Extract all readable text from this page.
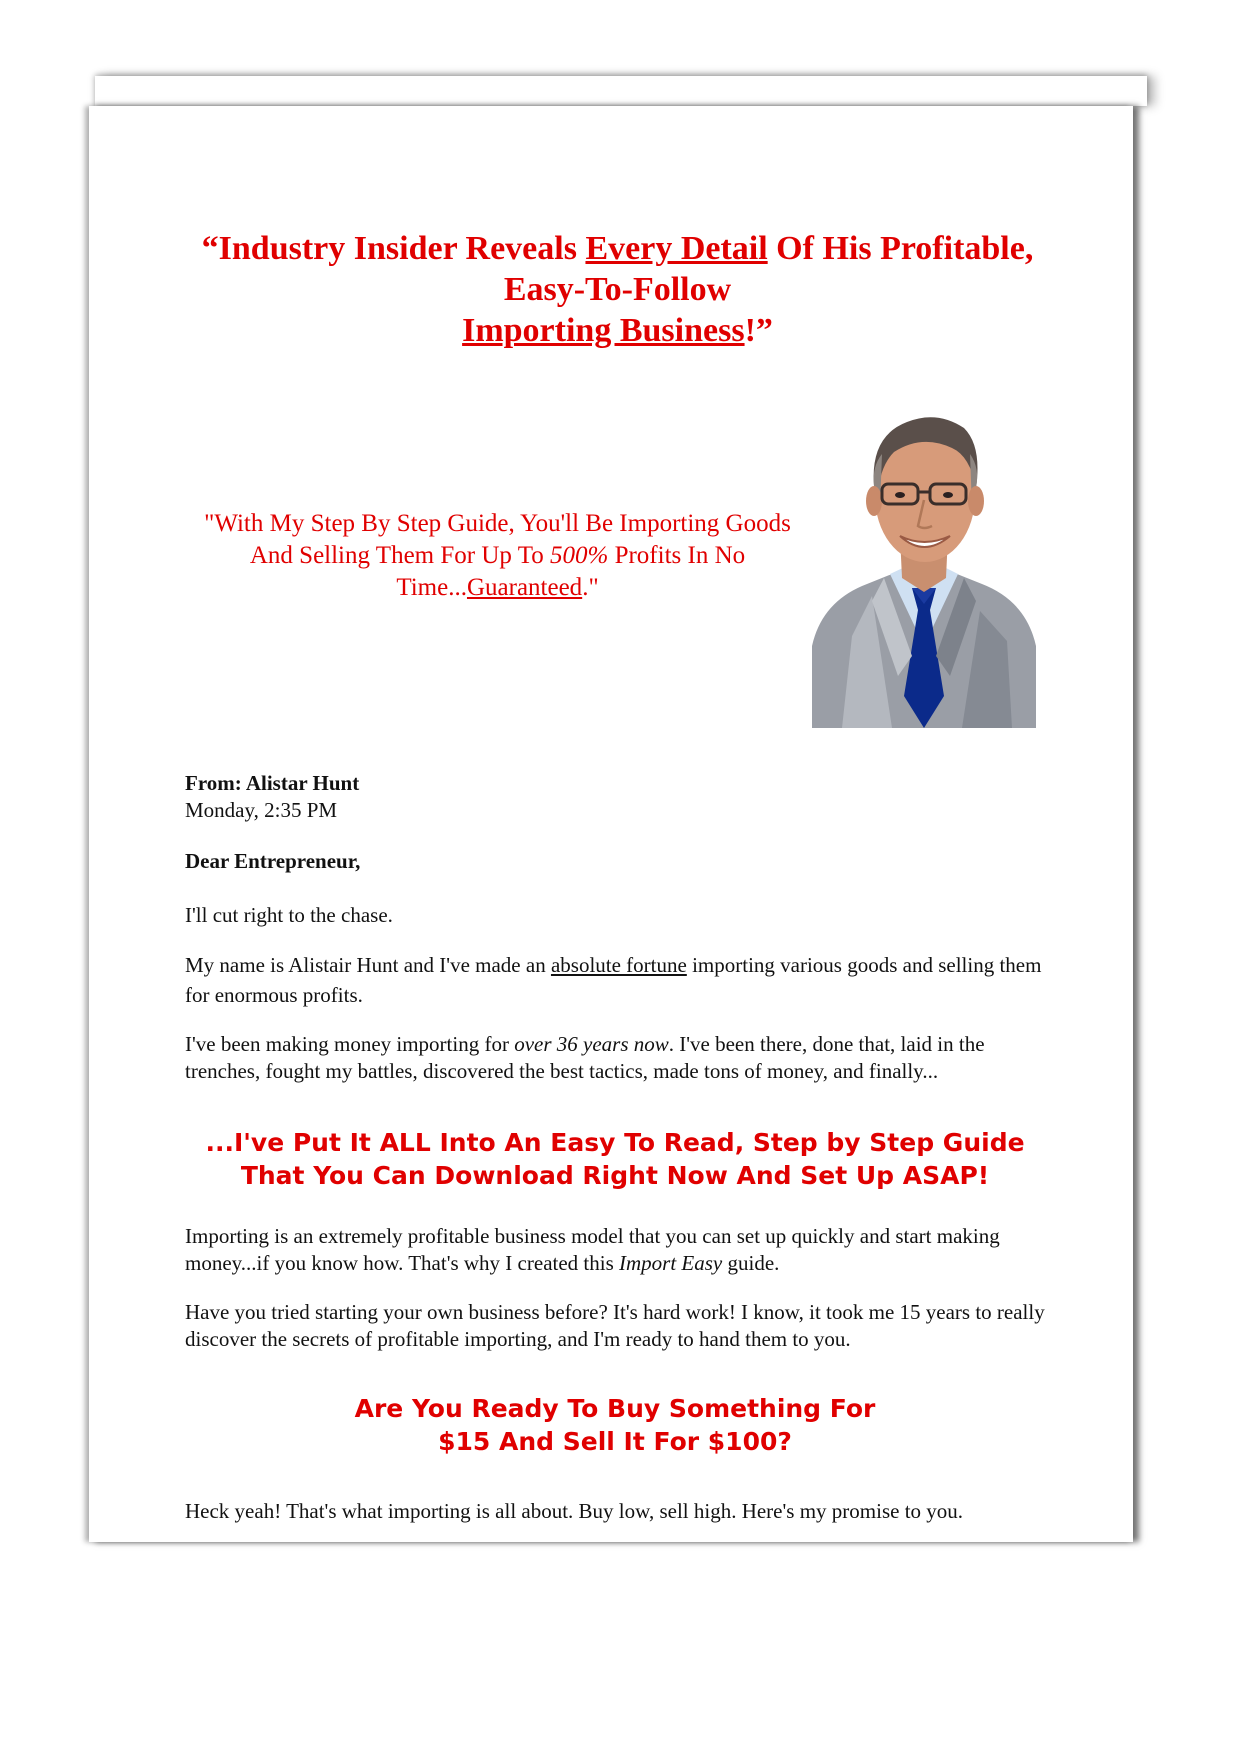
“Industry Insider Reveals Every Detail Of His Profitable,
Easy-To-Follow
Importing Business!”
"With My Step By Step Guide, You'll Be Importing Goods And Selling Them For Up To 500% Profits In No Time...Guaranteed."
From: Alistar Hunt
Monday, 2:35 PM
Dear Entrepreneur,
I'll cut right to the chase.
My name is Alistair Hunt and I've made an absolute fortune importing various goods and selling them for enormous profits.
I've been making money importing for over 36 years now. I've been there, done that, laid in the trenches, fought my battles, discovered the best tactics, made tons of money, and finally...
...I've Put It ALL Into An Easy To Read, Step by Step Guide
That You Can Download Right Now And Set Up ASAP!
Importing is an extremely profitable business model that you can set up quickly and start making money...if you know how. That's why I created this Import Easy guide.
Have you tried starting your own business before? It's hard work! I know, it took me 15 years to really discover the secrets of profitable importing, and I'm ready to hand them to you.
Are You Ready To Buy Something For
$15 And Sell It For $100?
Heck yeah! That's what importing is all about. Buy low, sell high. Here's my promise to you.
